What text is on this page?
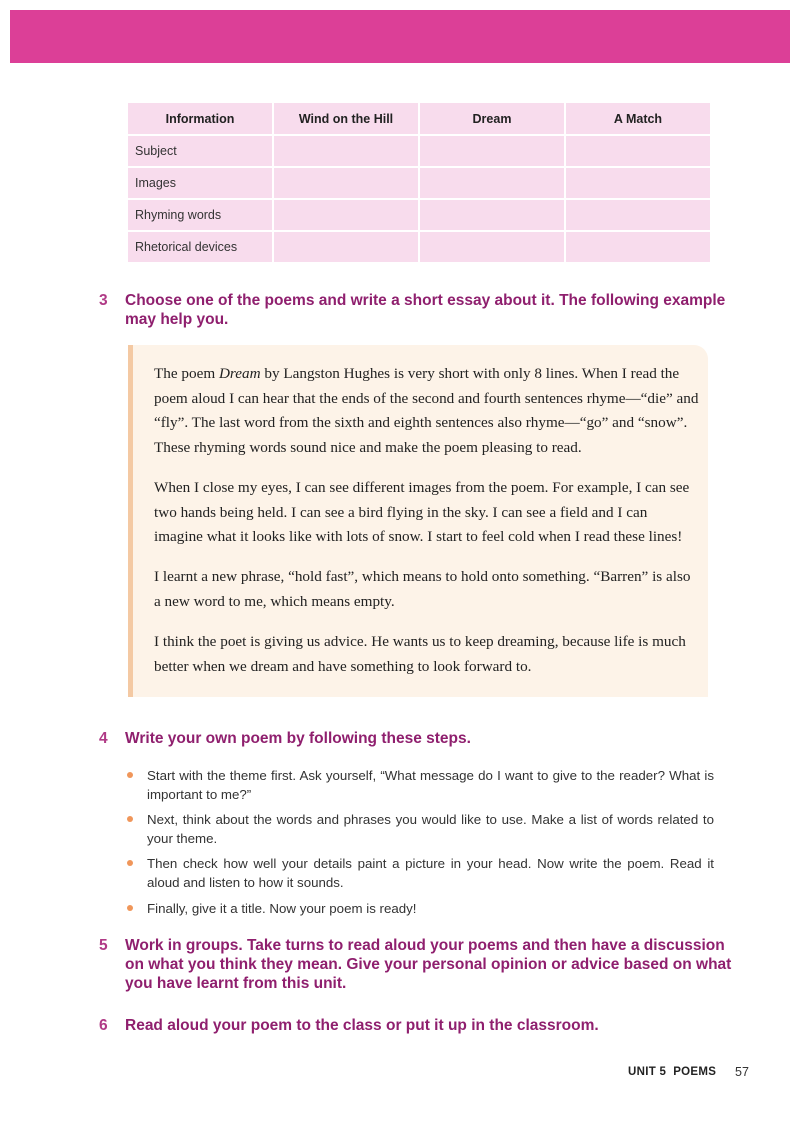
Information	Wind on the Hill	Dream	A Match
Subject			
Images			
Rhyming words			
Rhetorical devices			
3 Choose one of the poems and write a short essay about it. The following example
may help you.

The poem Dream by Langston Hughes is very short with only 8 lines. When I read the poem aloud I can hear that the ends of the second and fourth sentences rhyme—“die” and “fly”. The last word from the sixth and eighth sentences also rhyme—“go” and “snow”. These rhyming words sound nice and make the poem pleasing to read.

When I close my eyes, I can see different images from the poem. For example, I can see two hands being held. I can see a bird flying in the sky. I can see a field and I can imagine what it looks like with lots of snow. I start to feel cold when I read these lines!

I learnt a new phrase, “hold fast”, which means to hold onto something. “Barren” is also a new word to me, which means empty.

I think the poet is giving us advice. He wants us to keep dreaming, because life is much better when we dream and have something to look forward to.

4 Write your own poem by following these steps.
Start with the theme first. Ask yourself, “What message do I want to give to the reader? What is important to me?”
Next, think about the words and phrases you would like to use. Make a list of words related to your theme.
Then check how well your details paint a picture in your head. Now write the poem. Read it aloud and listen to how it sounds.
Finally, give it a title. Now your poem is ready!
5 Work in groups. Take turns to read aloud your poems and then have a discussion
on what you think they mean. Give your personal opinion or advice based on what
you have learnt from this unit.
6 Read aloud your poem to the class or put it up in the classroom.
UNIT 5  POEMS 57
